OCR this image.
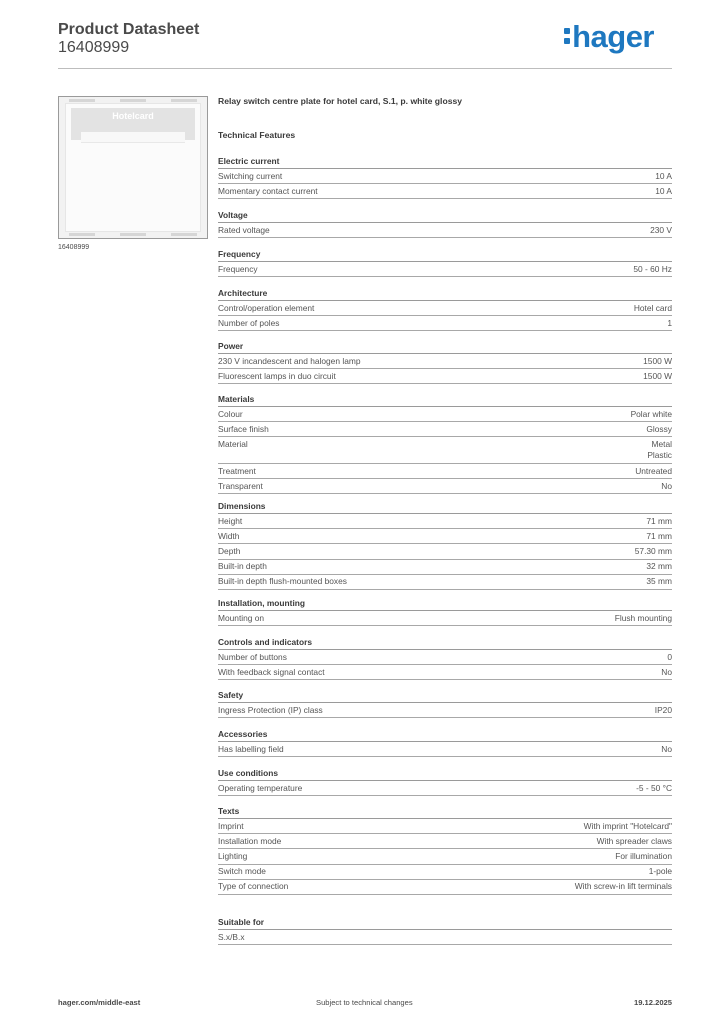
Product Datasheet
16408999	hager
Hotelcard
16408999
Relay switch centre plate for hotel card, S.1, p. white glossy
Technical Features
Electric current
Switching current	10 A
Momentary contact current	10 A
Voltage
Rated voltage	230 V
Frequency
Frequency	50 - 60 Hz
Architecture
Control/operation element	Hotel card
Number of poles	1
Power
230 V incandescent and halogen lamp	1500 W
Fluorescent lamps in duo circuit	1500 W
Materials
Colour	Polar white
Surface finish	Glossy
Material	Metal
Plastic
Treatment	Untreated
Transparent	No
Dimensions
Height	71 mm
Width	71 mm
Depth	57.30 mm
Built-in depth	32 mm
Built-in depth flush-mounted boxes	35 mm
Installation, mounting
Mounting on	Flush mounting
Controls and indicators
Number of buttons	0
With feedback signal contact	No
Safety
Ingress Protection (IP) class	IP20
Accessories
Has labelling field	No
Use conditions
Operating temperature	-5 - 50 °C
Texts
Imprint	With imprint "Hotelcard"
Installation mode	With spreader claws
Lighting	For illumination
Switch mode	1-pole
Type of connection	With screw-in lift terminals
Suitable for
S.x/B.x
hager.com/middle-east	Subject to technical changes	19.12.2025
